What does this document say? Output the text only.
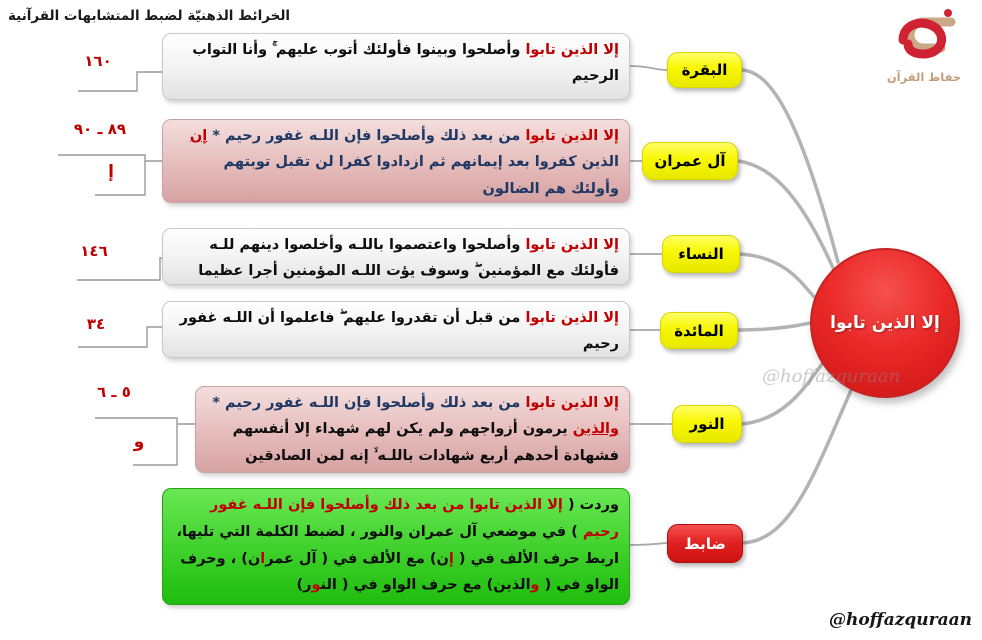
الخرائط الذهنيّة لضبط المتشابهات القرآنية
حفاظ القرآن
إلا الذين تابوا وأصلحوا وبينوا فأولئك أتوب عليهم ۚ وأنا التواب الرحيم
إلا الذين تابوا من بعد ذلك وأصلحوا فإن اللـه غفور رحيم * إن الذين كفروا بعد إيمانهم ثم ازدادوا كفرا لن تقبل توبتهم وأولئك هم الضالون
إلا الذين تابوا وأصلحوا واعتصموا باللـه وأخلصوا دينهم للـه فأولئك مع المؤمنين ۖ وسوف يؤت اللـه المؤمنين أجرا عظيما
إلا الذين تابوا من قبل أن تقدروا عليهم ۖ فاعلموا أن اللـه غفور رحيم
إلا الذين تابوا من بعد ذلك وأصلحوا فإن اللـه غفور رحيم * والذين يرمون أزواجهم ولم يكن لهم شهداء إلا أنفسهم فشهادة أحدهم أربع شهادات باللـه ۙ إنه لمن الصادقين
وردت ( إلا الذين تابوا من بعد ذلك وأصلحوا فإن اللـه غفور رحيم ) في موضعي آل عمران والنور ، لضبط الكلمة التي تليها، اربط حرف الألف في ( إن) مع الألف في ( آل عمران) ، وحرف الواو في ( والذين) مع حرف الواو في ( النور)
البقرة
آل عمران
النساء
المائدة
النور
ضابط
إلا الذين تابوا
@hoffazquraan
١٦٠
٨٩ ـ ٩٠
إ
١٤٦
٣٤
٥ ـ ٦
و
@hoffazquraan
